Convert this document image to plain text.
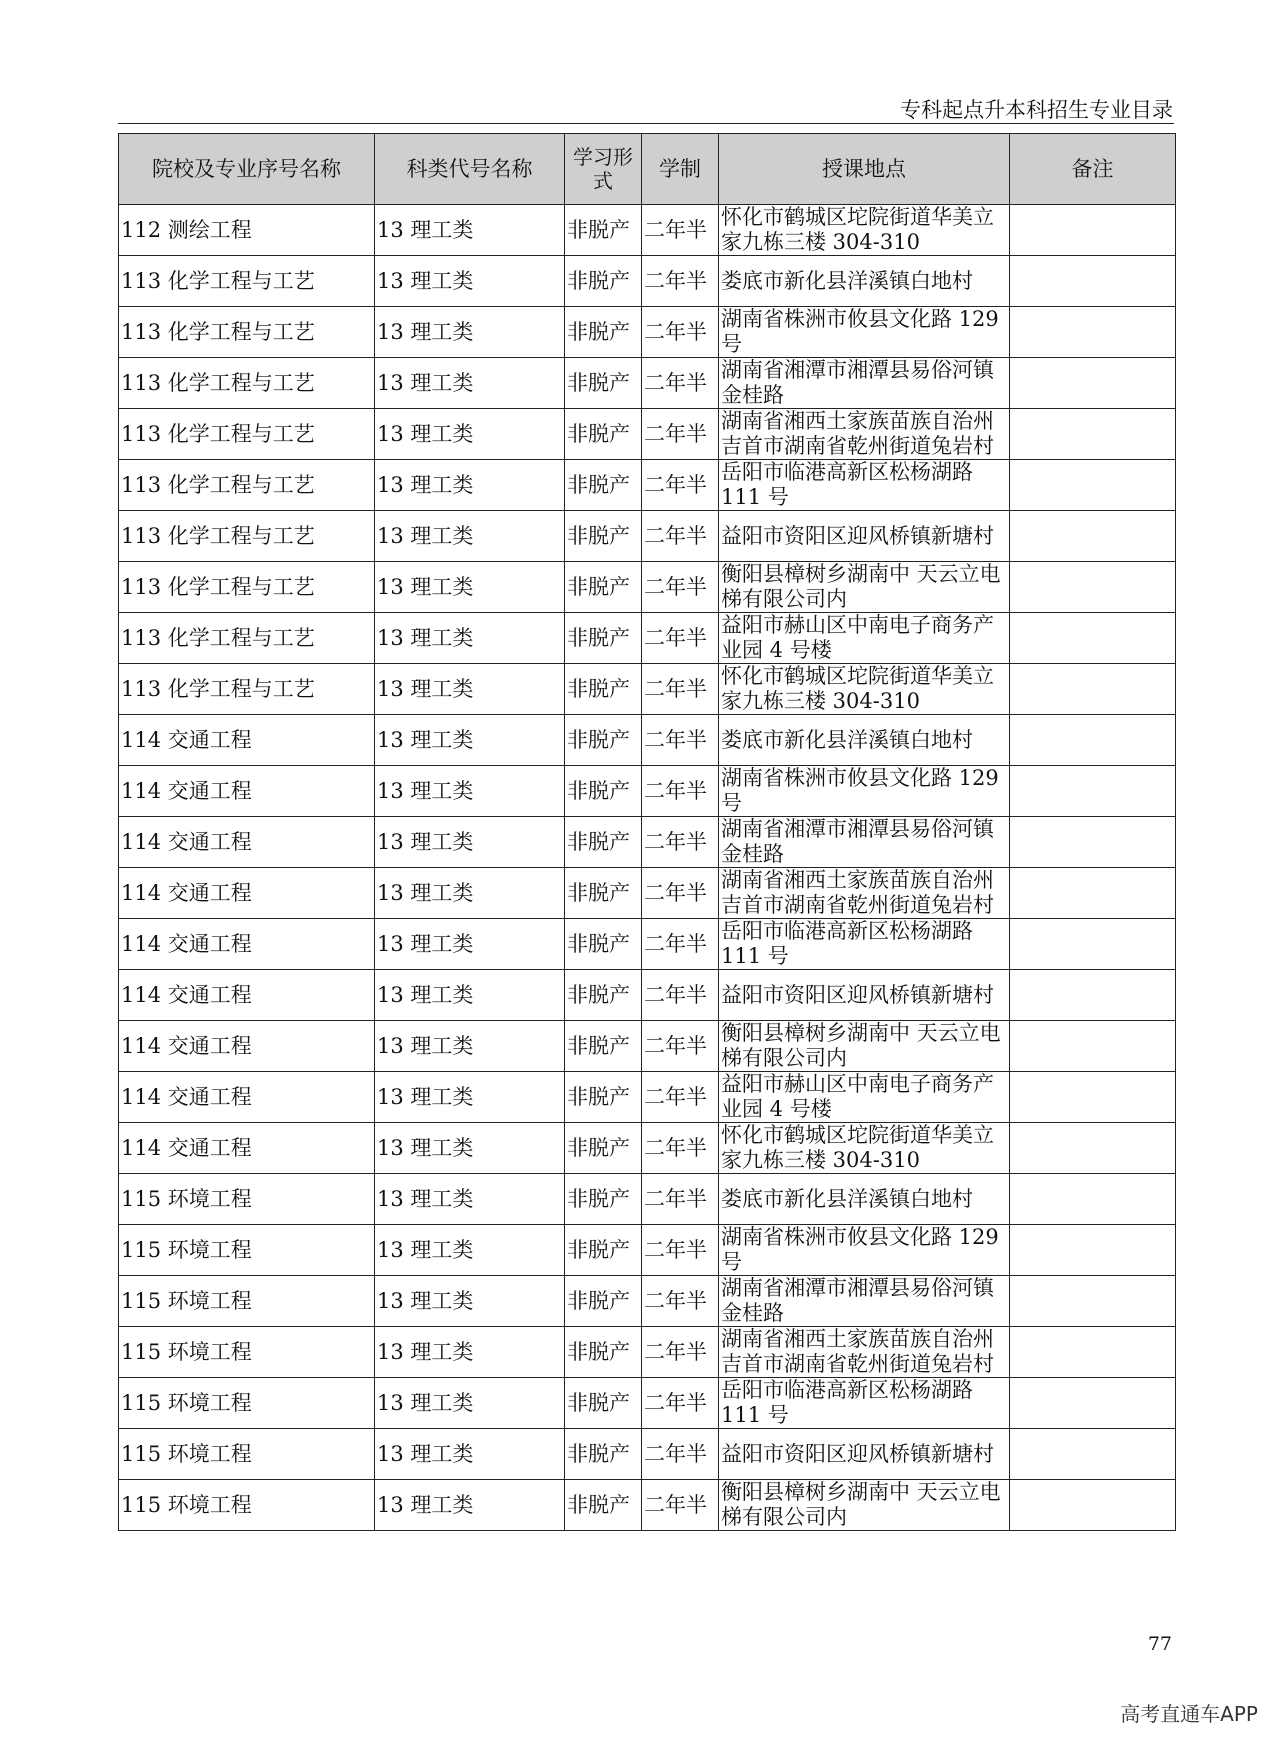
专科起点升本科招生专业目录
院校及专业序号名称	科类代号名称	学习形式	学制	授课地点	备注
112 测绘工程	13 理工类	非脱产	二年半	怀化市鹤城区坨院街道华美立家九栋三楼 304-310	
113 化学工程与工艺	13 理工类	非脱产	二年半	娄底市新化县洋溪镇白地村	
113 化学工程与工艺	13 理工类	非脱产	二年半	湖南省株洲市攸县文化路 129 号	
113 化学工程与工艺	13 理工类	非脱产	二年半	湖南省湘潭市湘潭县易俗河镇金桂路	
113 化学工程与工艺	13 理工类	非脱产	二年半	湖南省湘西土家族苗族自治州吉首市湖南省乾州街道兔岩村	
113 化学工程与工艺	13 理工类	非脱产	二年半	岳阳市临港高新区松杨湖路 111 号	
113 化学工程与工艺	13 理工类	非脱产	二年半	益阳市资阳区迎风桥镇新塘村	
113 化学工程与工艺	13 理工类	非脱产	二年半	衡阳县樟树乡湖南中 天云立电梯有限公司内	
113 化学工程与工艺	13 理工类	非脱产	二年半	益阳市赫山区中南电子商务产业园 4 号楼	
113 化学工程与工艺	13 理工类	非脱产	二年半	怀化市鹤城区坨院街道华美立家九栋三楼 304-310	
114 交通工程	13 理工类	非脱产	二年半	娄底市新化县洋溪镇白地村	
114 交通工程	13 理工类	非脱产	二年半	湖南省株洲市攸县文化路 129 号	
114 交通工程	13 理工类	非脱产	二年半	湖南省湘潭市湘潭县易俗河镇金桂路	
114 交通工程	13 理工类	非脱产	二年半	湖南省湘西土家族苗族自治州吉首市湖南省乾州街道兔岩村	
114 交通工程	13 理工类	非脱产	二年半	岳阳市临港高新区松杨湖路 111 号	
114 交通工程	13 理工类	非脱产	二年半	益阳市资阳区迎风桥镇新塘村	
114 交通工程	13 理工类	非脱产	二年半	衡阳县樟树乡湖南中 天云立电梯有限公司内	
114 交通工程	13 理工类	非脱产	二年半	益阳市赫山区中南电子商务产业园 4 号楼	
114 交通工程	13 理工类	非脱产	二年半	怀化市鹤城区坨院街道华美立家九栋三楼 304-310	
115 环境工程	13 理工类	非脱产	二年半	娄底市新化县洋溪镇白地村	
115 环境工程	13 理工类	非脱产	二年半	湖南省株洲市攸县文化路 129 号	
115 环境工程	13 理工类	非脱产	二年半	湖南省湘潭市湘潭县易俗河镇金桂路	
115 环境工程	13 理工类	非脱产	二年半	湖南省湘西土家族苗族自治州吉首市湖南省乾州街道兔岩村	
115 环境工程	13 理工类	非脱产	二年半	岳阳市临港高新区松杨湖路 111 号	
115 环境工程	13 理工类	非脱产	二年半	益阳市资阳区迎风桥镇新塘村	
115 环境工程	13 理工类	非脱产	二年半	衡阳县樟树乡湖南中 天云立电梯有限公司内	
77
高考直通车APP
